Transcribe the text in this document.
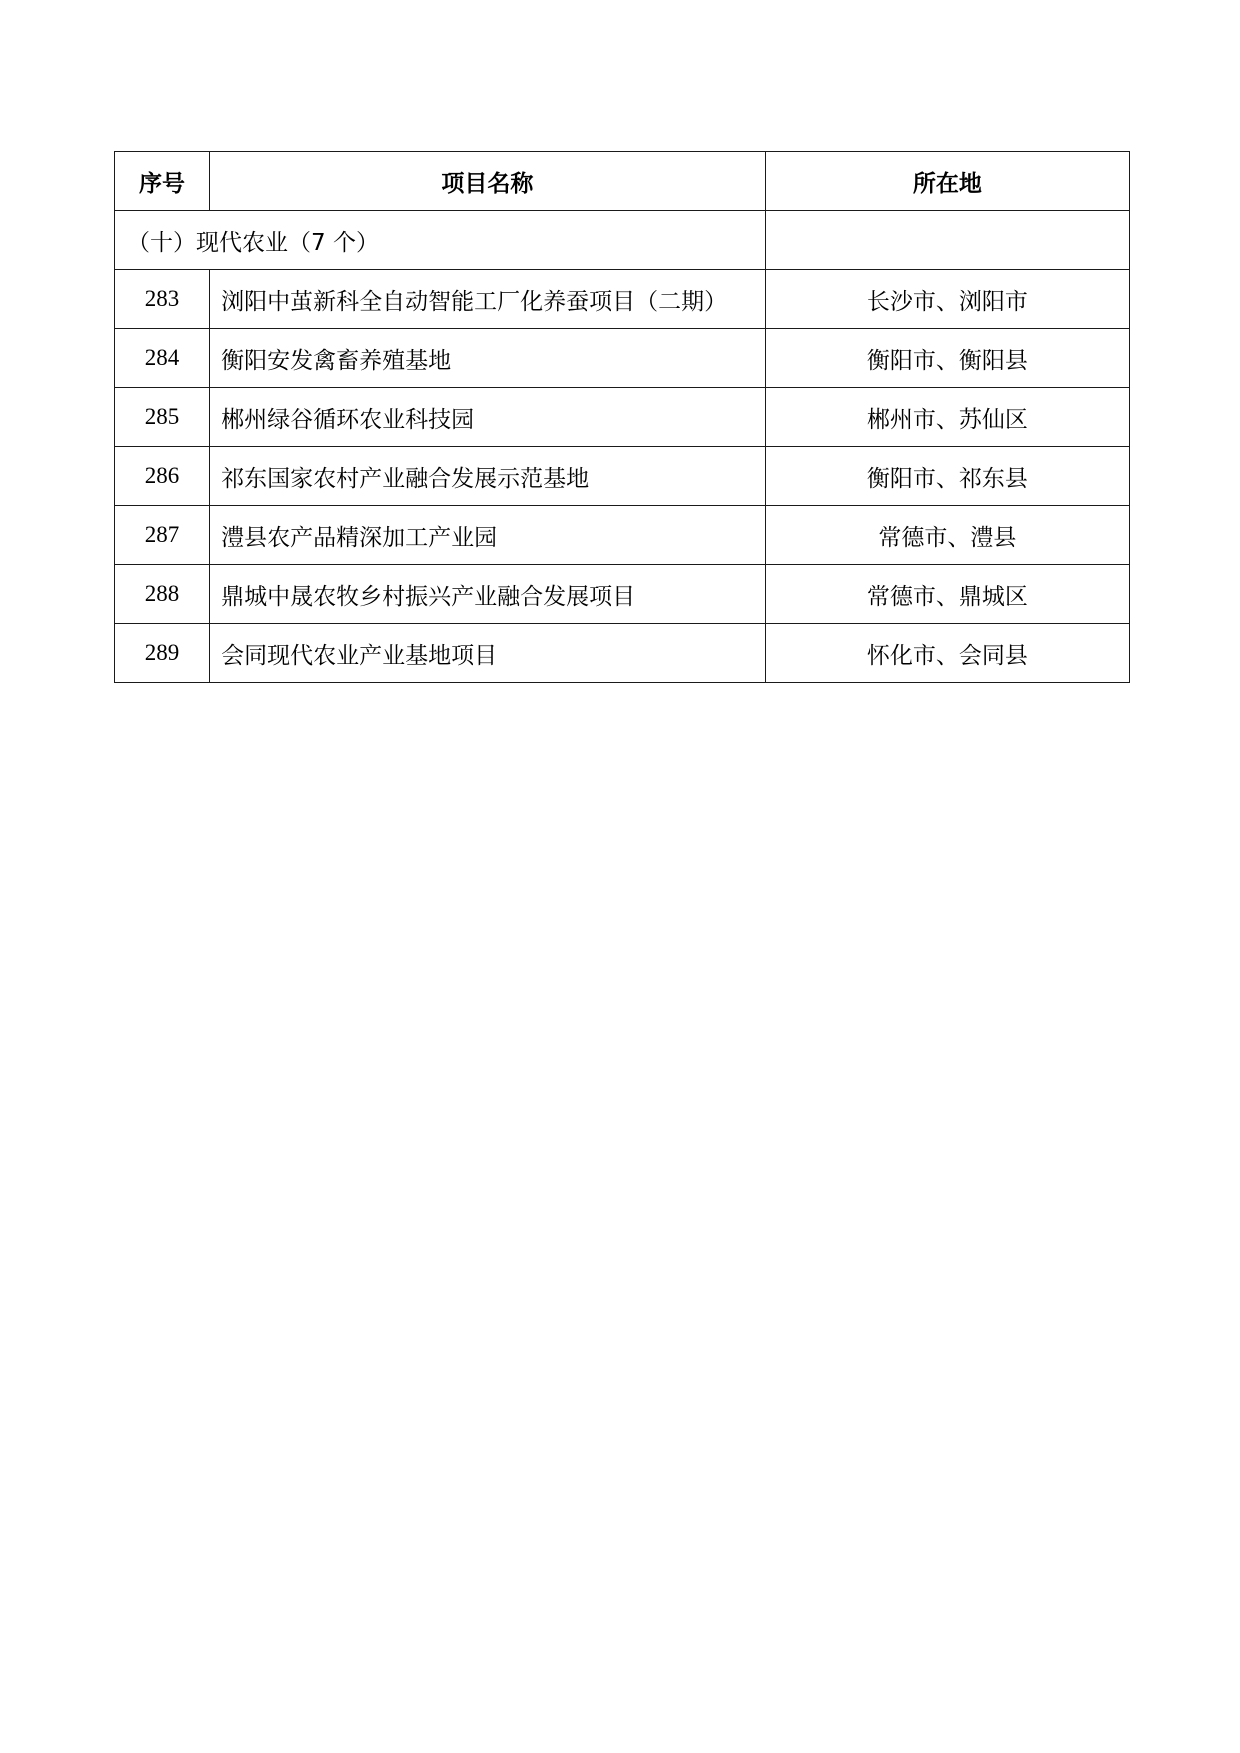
序号	项目名称	所在地
（十）现代农业（7 个）		
283	浏阳中茧新科全自动智能工厂化养蚕项目（二期）	长沙市、浏阳市
284	衡阳安发禽畜养殖基地	衡阳市、衡阳县
285	郴州绿谷循环农业科技园	郴州市、苏仙区
286	祁东国家农村产业融合发展示范基地	衡阳市、祁东县
287	澧县农产品精深加工产业园	常德市、澧县
288	鼎城中晟农牧乡村振兴产业融合发展项目	常德市、鼎城区
289	会同现代农业产业基地项目	怀化市、会同县
